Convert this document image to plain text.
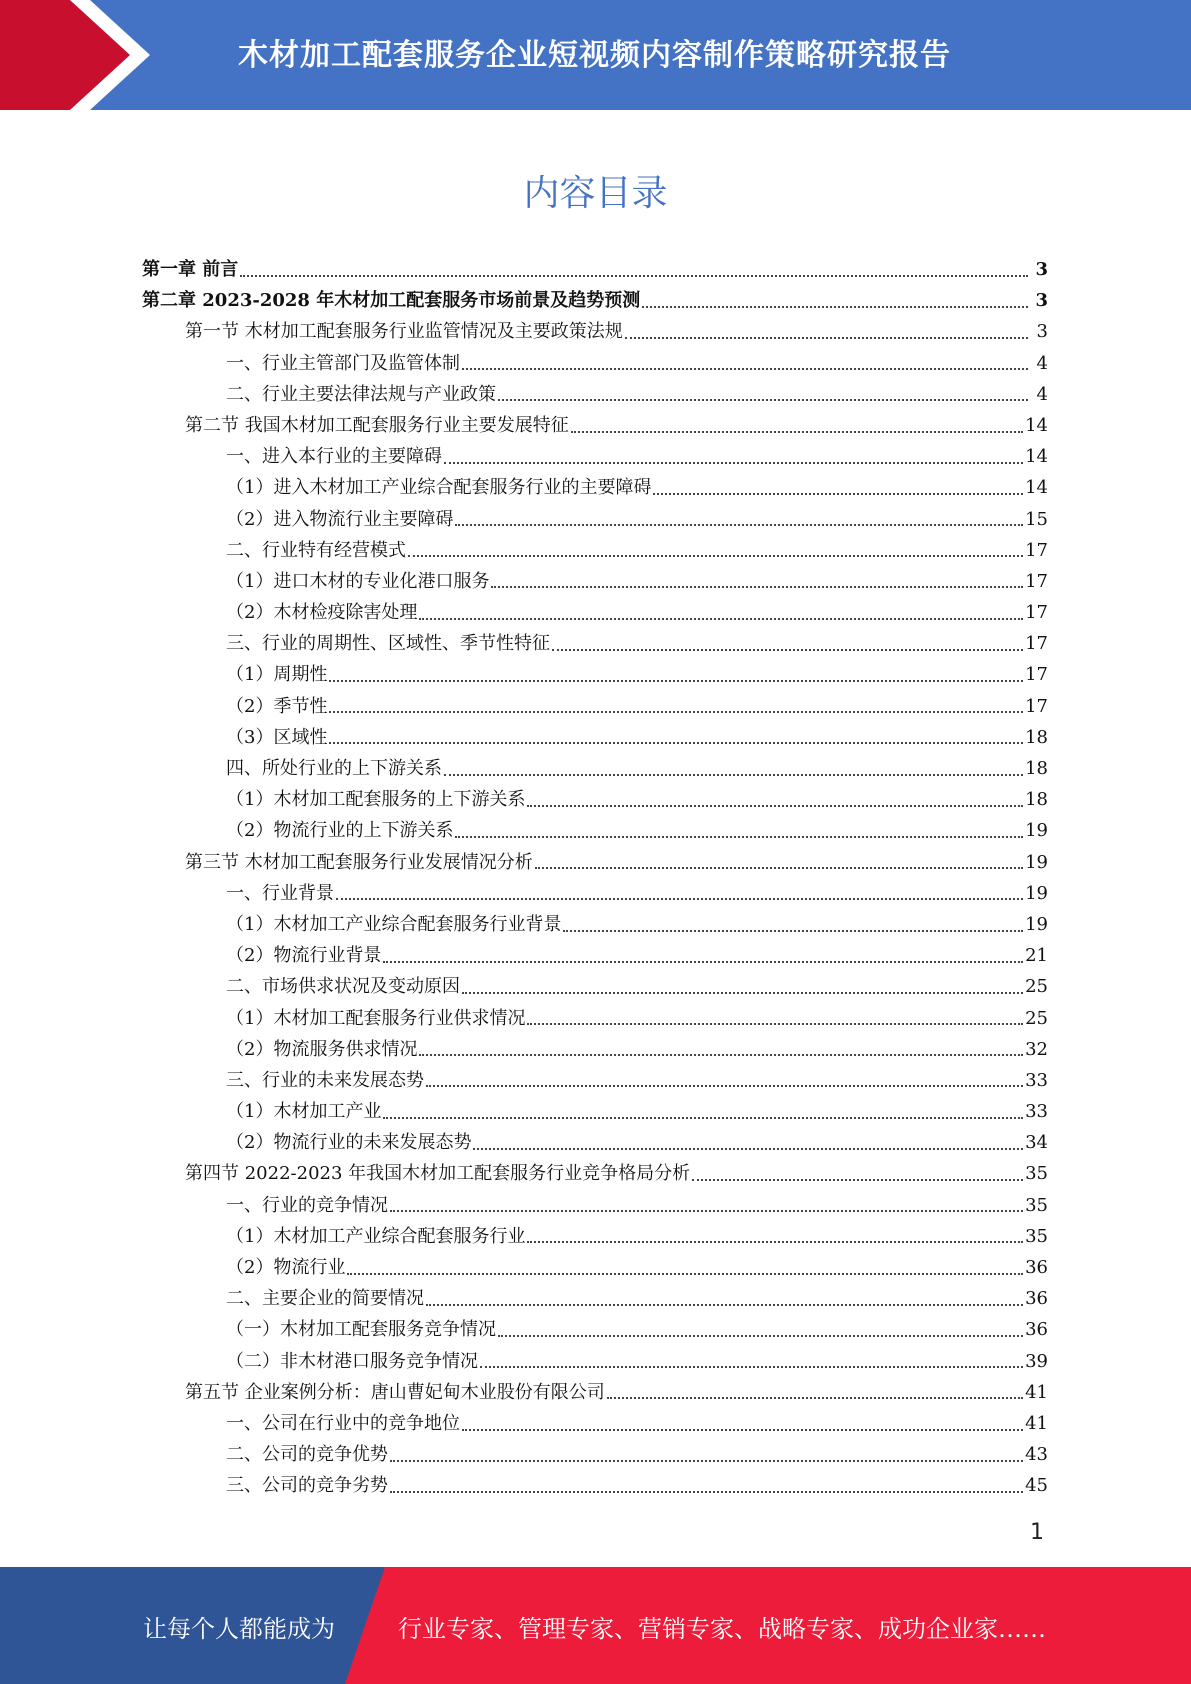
木材加工配套服务企业短视频内容制作策略研究报告
内容目录
第一章 前言	3
第二章 2023-2028 年木材加工配套服务市场前景及趋势预测	3
第一节 木材加工配套服务行业监管情况及主要政策法规	3
一、行业主管部门及监管体制	4
二、行业主要法律法规与产业政策	4
第二节 我国木材加工配套服务行业主要发展特征	14
一、进入本行业的主要障碍	14
（1）进入木材加工产业综合配套服务行业的主要障碍	14
（2）进入物流行业主要障碍	15
二、行业特有经营模式	17
（1）进口木材的专业化港口服务	17
（2）木材检疫除害处理	17
三、行业的周期性、区域性、季节性特征	17
（1）周期性	17
（2）季节性	17
（3）区域性	18
四、所处行业的上下游关系	18
（1）木材加工配套服务的上下游关系	18
（2）物流行业的上下游关系	19
第三节 木材加工配套服务行业发展情况分析	19
一、行业背景	19
（1）木材加工产业综合配套服务行业背景	19
（2）物流行业背景	21
二、市场供求状况及变动原因	25
（1）木材加工配套服务行业供求情况	25
（2）物流服务供求情况	32
三、行业的未来发展态势	33
（1）木材加工产业	33
（2）物流行业的未来发展态势	34
第四节 2022-2023 年我国木材加工配套服务行业竞争格局分析	35
一、行业的竞争情况	35
（1）木材加工产业综合配套服务行业	35
（2）物流行业	36
二、主要企业的简要情况	36
（一）木材加工配套服务竞争情况	36
（二）非木材港口服务竞争情况	39
第五节 企业案例分析：唐山曹妃甸木业股份有限公司	41
一、公司在行业中的竞争地位	41
二、公司的竞争优势	43
三、公司的竞争劣势	45
1
让每个人都能成为	行业专家、管理专家、营销专家、战略专家、成功企业家……
